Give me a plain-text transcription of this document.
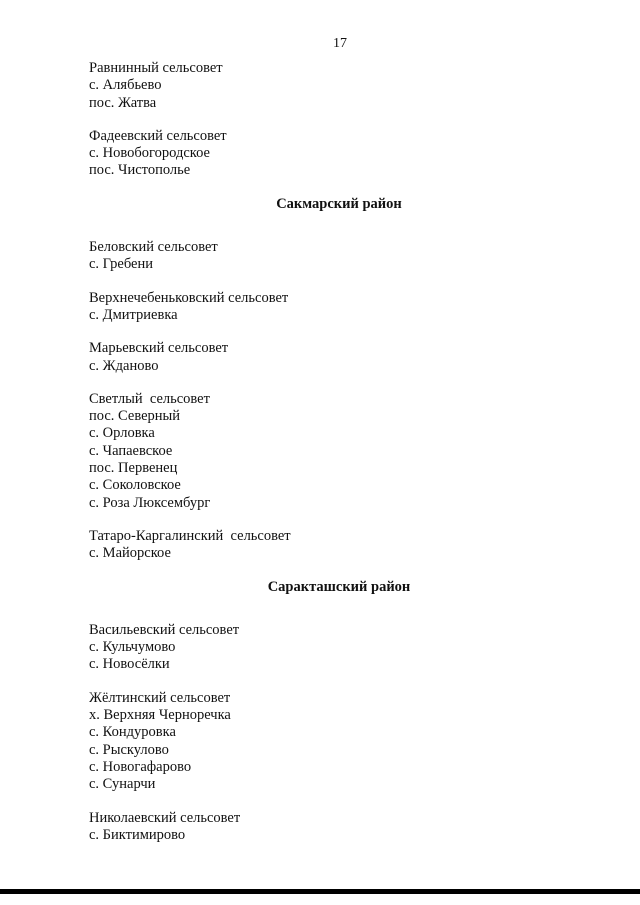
17

Равнинный сельсовет

с. Алябьево

пос. Жатва

Фадеевский сельсовет

с. Новобогородское

пос. Чистополье

Сакмарский район

Беловский сельсовет

с. Гребени

Верхнечебеньковский сельсовет

с. Дмитриевка

Марьевский сельсовет

с. Жданово

Светлый  сельсовет

пос. Северный

с. Орловка

с. Чапаевское

пос. Первенец

с. Соколовское

с. Роза Люксембург

Татаро-Каргалинский  сельсовет

с. Майорское

Саракташский район

Васильевский сельсовет

с. Кульчумово

с. Новосёлки

Жёлтинский сельсовет

х. Верхняя Черноречка

с. Кондуровка

с. Рыскулово

с. Новогафарово

с. Сунарчи

Николаевский сельсовет

с. Биктимирово
